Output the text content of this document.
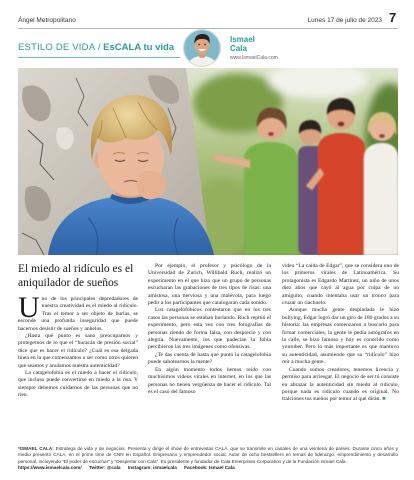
Ángel Metropolitano	Lunes 17 de julio de 2023 7
ESTILO DE VIDA / EsCALA tu vida
Ismael
Cala
www.IsmaelCala.com
El miedo al ridículo es el aniquilador de sueños

Uno de los principales depredadores de nuestra creatividad es el miedo al ridículo. Tras el temor a ser objeto de burlas, se esconde una profunda inseguridad que puede hacernos desistir de sueños y anhelos.

¿Hasta qué punto es sano preocuparnos y protegernos de lo que el “huracán de presión social” dice que es hacer el ridículo? ¿Cuál es esa delgada línea en la que comenzamos a ser como otros quieren que seamos y anulamos nuestra autenticidad?

La catagelofobia es el miedo a hacer el ridículo, que incluso puede convertirse en miedo a la risa. Y siempre debemos cuidarnos de las personas que no ríen.

Por ejemplo, el profesor y psicólogo de la Universidad de Zurich, Willibald Ruch, realizó un experimento en el que hizo que un grupo de personas escucharan las grabaciones de tres tipos de risas: una amistosa, una nerviosa y una malévola, para luego pedir a los participantes que catalogaran cada sonido.

Los catagelofóbicos contestaron que en los tres casos las personas se estaban burlando. Ruch repitió el experimento, pero esta vez con tres fotografías de personas riendo de forma falsa, con desprecio y con alegría. Nuevamente, los que padecían la fobia percibieron las tres imágenes como ofensivas.

¿Te das cuenta de hasta qué punto la catagelofobia puede sabotearnos la mente?

En algún momento todos hemos reído con muchísimos videos virales en internet, en los que las personas no tienen vergüenza de hacer el ridículo. Tal es el caso del famoso

video “La caída de Edgar”, que se considera uno de los primeros virales de Latinoamérica. Su protagonista es Edgardo Martínez, un niño de unos diez años que cayó al agua por culpa de un amiguito, cuando intentaba usar un tronco para cruzar un riachuelo.

Aunque mucha gente despiadada le hizo bullying, Edgar logró dar un giro de 180 grados a su historia: las empresas comenzaron a buscarlo para firmar comerciales, la gente le pedía autógrafos en la calle, se hizo famoso y hoy es conocido como youtuber. Pero lo más importante es que mantuvo su autenticidad, asumiendo que su “ridículo” hizo reír a mucha gente.

Cuando somos creadores, tenemos licencia y permiso para arriesgar. El negocio de ser tú consiste en abrazar la autenticidad sin miedo al ridículo, porque nada es ridículo cuando es original. No traiciones tus sueños por temor al qué dirán. ■

*ISMAEL CALA: Estratega de vida y de negocios. Presenta y dirige el show de entrevistas CALA, que se transmite en canales de una veintena de países. Durante cinco años y medio presentó CALA, en el prime time de CNN en Español. Empresario y emprendedor social. Autor de ocho bestsellers en temas de liderazgo, emprendimiento y desarrollo personal, incluyendo “El poder de escuchar” y “Despertar con Cala”. Es presidente y fundador de Cala Enterprises Corporation y de la Fundación Ismael Cala.

https://www.ismaelcala.com/ Twitter: @cala Instagram: ismaelcala Facebook: Ismael Cala
